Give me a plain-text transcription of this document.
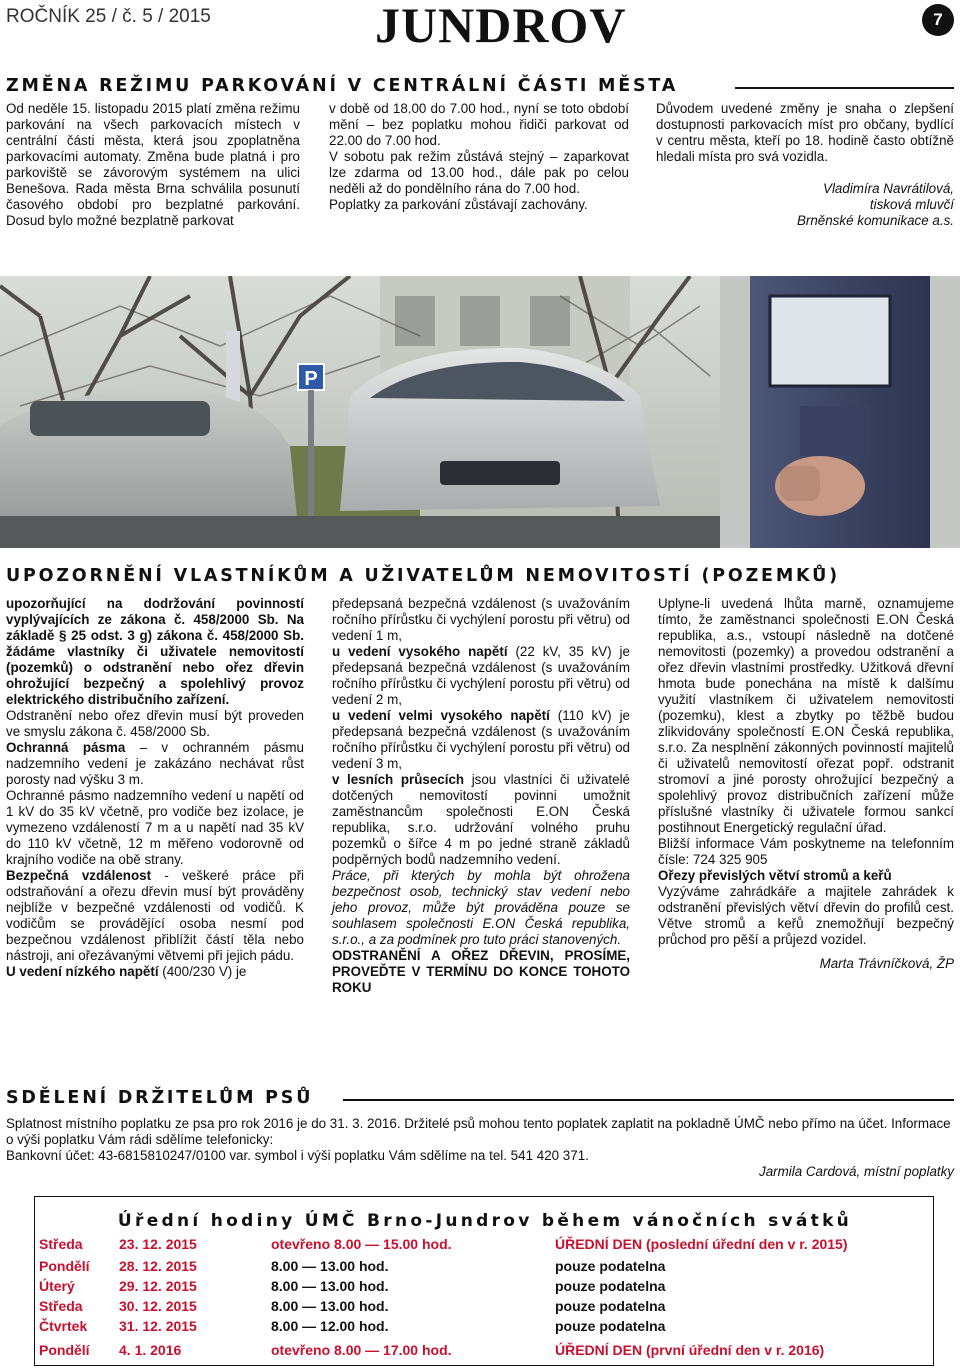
ROČNÍK 25 / č. 5 / 2015	JUNDROV	7
ZMĚNA REŽIMU PARKOVÁNÍ V CENTRÁLNÍ ČÁSTI MĚSTA

Od neděle 15. listopadu 2015 platí změna režimu parkování na všech parkovacích místech v centrální části města, která jsou zpoplatněna parkovacími automaty. Změna bude platná i pro parkoviště se závorovým systémem na ulici Benešova. Rada města Brna schválila posunutí časového období pro bezplatné parkování. Dosud bylo možné bezplatně parkovat

v době od 18.00 do 7.00 hod., nyní se toto období mění – bez poplatku mohou řidiči parkovat od 22.00 do 7.00 hod.

V sobotu pak režim zůstává stejný – zaparkovat lze zdarma od 13.00 hod., dále pak po celou neděli až do pondělního rána do 7.00 hod.

Poplatky za parkování zůstávají zachovány.

Důvodem uvedené změny je snaha o zlepšení dostupnosti parkovacích míst pro občany, bydlící v centru města, kteří po 18. hodině často obtížně hledali místa pro svá vozidla.

Vladimíra Navrátilová,

tisková mluvčí

Brněnské komunikace a.s.

P
UPOZORNĚNÍ VLASTNÍKŮM A UŽIVATELŮM NEMOVITOSTÍ (POZEMKŮ)

upozorňující na dodržování povinností vyplývajících ze zákona č. 458/2000 Sb. Na základě § 25 odst. 3 g) zákona č. 458/2000 Sb. žádáme vlastníky či uživatele nemovitostí (pozemků) o odstranění nebo ořez dřevin ohrožující bezpečný a spolehlivý provoz elektrického distribučního zařízení.

Odstranění nebo ořez dřevin musí být proveden ve smyslu zákona č. 458/2000 Sb.

Ochranná pásma – v ochranném pásmu nadzemního vedení je zakázáno nechávat růst porosty nad výšku 3 m.

Ochranné pásmo nadzemního vedení u napětí od 1 kV do 35 kV včetně, pro vodiče bez izolace, je vymezeno vzdáleností 7 m a u napětí nad 35 kV do 110 kV včetně, 12 m měřeno vodorovně od krajního vodiče na obě strany.

Bezpečná vzdálenost - veškeré práce při odstraňování a ořezu dřevin musí být prováděny nejblíže v bezpečné vzdálenosti od vodičů. K vodičům se provádějící osoba nesmí pod bezpečnou vzdálenost přiblížit částí těla nebo nástroji, ani ořezávanými větvemi při jejich pádu.

U vedení nízkého napětí (400/230 V) je

předepsaná bezpečná vzdálenost (s uvažováním ročního přírůstku či vychýlení porostu při větru) od vedení 1 m,

u vedení vysokého napětí (22 kV, 35 kV) je předepsaná bezpečná vzdálenost (s uvažováním ročního přírůstku či vychýlení porostu při větru) od vedení 2 m,

u vedení velmi vysokého napětí (110 kV) je předepsaná bezpečná vzdálenost (s uvažováním ročního přírůstku či vychýlení porostu při větru) od vedení 3 m,

v lesních průsecích jsou vlastníci či uživatelé dotčených nemovitostí povinni umožnit zaměstnancům společnosti E.ON Česká republika, s.r.o. udržování volného pruhu pozemků o šířce 4 m po jedné straně základů podpěrných bodů nadzemního vedení.

Práce, při kterých by mohla být ohrožena bezpečnost osob, technický stav vedení nebo jeho provoz, může být prováděna pouze se souhlasem společnosti E.ON Česká republika, s.r.o., a za podmínek pro tuto práci stanovených.

ODSTRANĚNÍ A OŘEZ DŘEVIN, PROSÍME, PROVEĎTE V TERMÍNU DO KONCE TOHOTO ROKU

Uplyne-li uvedená lhůta marně, oznamujeme tímto, že zaměstnanci společnosti E.ON Česká republika, a.s., vstoupí následně na dotčené nemovitosti (pozemky) a provedou odstranění a ořez dřevin vlastními prostředky. Užitková dřevní hmota bude ponechána na místě k dalšímu využití vlastníkem či uživatelem nemovitosti (pozemku), klest a zbytky po těžbě budou zlikvidovány společností E.ON Česká republika, s.r.o. Za nesplnění zákonných povinností majitelů či uživatelů nemovitostí ořezat popř. odstranit stromoví a jiné porosty ohrožující bezpečný a spolehlivý provoz distribučních zařízení může příslušné vlastníky či uživatele formou sankcí postihnout Energetický regulační úřad.

Bližší informace Vám poskytneme na telefonním čísle: 724 325 905

Ořezy převislých větví stromů a keřů

Vyzýváme zahrádkáře a majitele zahrádek k odstranění převislých větví dřevin do profilů cest. Větve stromů a keřů znemožňují bezpečný průchod pro pěší a průjezd vozidel.

Marta Trávníčková, ŽP

SDĚLENÍ DRŽITELŮM PSŮ

Splatnost místního poplatku ze psa pro rok 2016 je do 31. 3. 2016. Držitelé psů mohou tento poplatek zaplatit na pokladně ÚMČ nebo přímo na účet. Informace o výši poplatku Vám rádi sdělíme telefonicky:

Bankovní účet: 43-6815810247/0100 var. symbol i výši poplatku Vám sdělíme na tel. 541 420 371.

Jarmila Cardová, místní poplatky

Úřední hodiny ÚMČ Brno-Jundrov během vánočních svátků
Středa	23. 12. 2015	otevřeno 8.00 — 15.00 hod.	ÚŘEDNÍ DEN (poslední úřední den v r. 2015)
Pondělí 28. 12. 2015	8.00 — 13.00 hod.	pouze podatelna
Úterý	29. 12. 2015	8.00 — 13.00 hod.	pouze podatelna
Středa	30. 12. 2015	8.00 — 13.00 hod.	pouze podatelna
Čtvrtek 31. 12. 2015	8.00 — 12.00 hod.	pouze podatelna
Pondělí 4. 1. 2016	otevřeno 8.00 — 17.00 hod.	ÚŘEDNÍ DEN (první úřední den v r. 2016)
